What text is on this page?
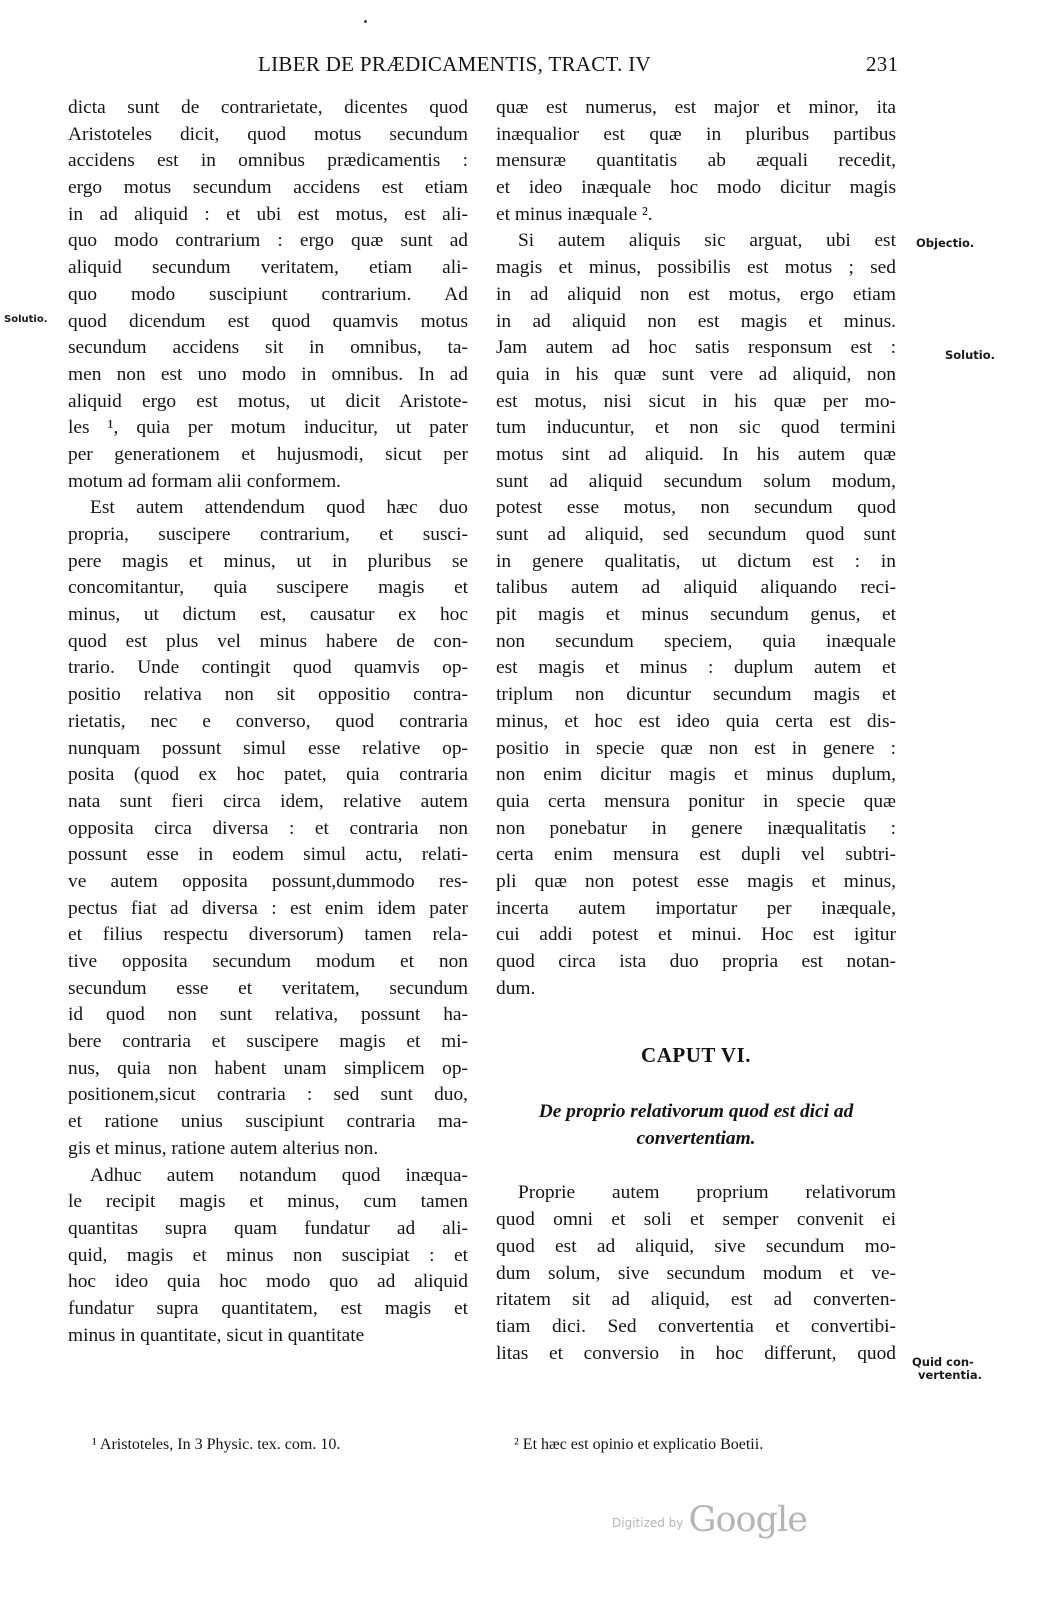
LIBER DE PRÆDICAMENTIS, TRACT. IV	231
dicta sunt de contrarietate, dicentes quod
Aristoteles dicit, quod motus secundum
accidens est in omnibus prædicamentis :
ergo motus secundum accidens est etiam
in ad aliquid : et ubi est motus, est ali-
quo modo contrarium : ergo quæ sunt ad
aliquid secundum veritatem, etiam ali-
quo modo suscipiunt contrarium. Ad
quod dicendum est quod quamvis motus
secundum accidens sit in omnibus, ta-
men non est uno modo in omnibus. In ad
aliquid ergo est motus, ut dicit Aristote-
les ¹, quia per motum inducitur, ut pater
per generationem et hujusmodi, sicut per
motum ad formam alii conformem.
Est autem attendendum quod hæc duo
propria, suscipere contrarium, et susci-
pere magis et minus, ut in pluribus se
concomitantur, quia suscipere magis et
minus, ut dictum est, causatur ex hoc
quod est plus vel minus habere de con-
trario. Unde contingit quod quamvis op-
positio relativa non sit oppositio contra-
rietatis, nec e converso, quod contraria
nunquam possunt simul esse relative op-
posita (quod ex hoc patet, quia contraria
nata sunt fieri circa idem, relative autem
opposita circa diversa : et contraria non
possunt esse in eodem simul actu, relati-
ve autem opposita possunt,dummodo res-
pectus fiat ad diversa : est enim idem pater
et filius respectu diversorum) tamen rela-
tive opposita secundum modum et non
secundum esse et veritatem, secundum
id quod non sunt relativa, possunt ha-
bere contraria et suscipere magis et mi-
nus, quia non habent unam simplicem op-
positionem,sicut contraria : sed sunt duo,
et ratione unius suscipiunt contraria ma-
gis et minus, ratione autem alterius non.
Adhuc autem notandum quod inæqua-
le recipit magis et minus, cum tamen
quantitas supra quam fundatur ad ali-
quid, magis et minus non suscipiat : et
hoc ideo quia hoc modo quo ad aliquid
fundatur supra quantitatem, est magis et
minus in quantitate, sicut in quantitate
quæ est numerus, est major et minor, ita
inæqualior est quæ in pluribus partibus
mensuræ quantitatis ab æquali recedit,
et ideo inæquale hoc modo dicitur magis
et minus inæquale ².
Si autem aliquis sic arguat, ubi est
magis et minus, possibilis est motus ; sed
in ad aliquid non est motus, ergo etiam
in ad aliquid non est magis et minus.
Jam autem ad hoc satis responsum est :
quia in his quæ sunt vere ad aliquid, non
est motus, nisi sicut in his quæ per mo-
tum inducuntur, et non sic quod termini
motus sint ad aliquid. In his autem quæ
sunt ad aliquid secundum solum modum,
potest esse motus, non secundum quod
sunt ad aliquid, sed secundum quod sunt
in genere qualitatis, ut dictum est : in
talibus autem ad aliquid aliquando reci-
pit magis et minus secundum genus, et
non secundum speciem, quia inæquale
est magis et minus : duplum autem et
triplum non dicuntur secundum magis et
minus, et hoc est ideo quia certa est dis-
positio in specie quæ non est in genere :
non enim dicitur magis et minus duplum,
quia certa mensura ponitur in specie quæ
non ponebatur in genere inæqualitatis :
certa enim mensura est dupli vel subtri-
pli quæ non potest esse magis et minus,
incerta autem importatur per inæquale,
cui addi potest et minui. Hoc est igitur
quod circa ista duo propria est notan-
dum.
CAPUT VI.
De proprio relativorum quod est dici ad
convertentiam.
Proprie autem proprium relativorum
quod omni et soli et semper convenit ei
quod est ad aliquid, sive secundum mo-
dum solum, sive secundum modum et ve-
ritatem sit ad aliquid, est ad converten-
tiam dici. Sed convertentia et convertibi-
litas et conversio in hoc differunt, quod
Solutio.
Objectio.
Solutio.
Quid con-
vertentia.
¹ Aristoteles, In 3 Physic. tex. com. 10.	² Et hæc est opinio et explicatio Boetii.
$^{Digitized by}$ Google
